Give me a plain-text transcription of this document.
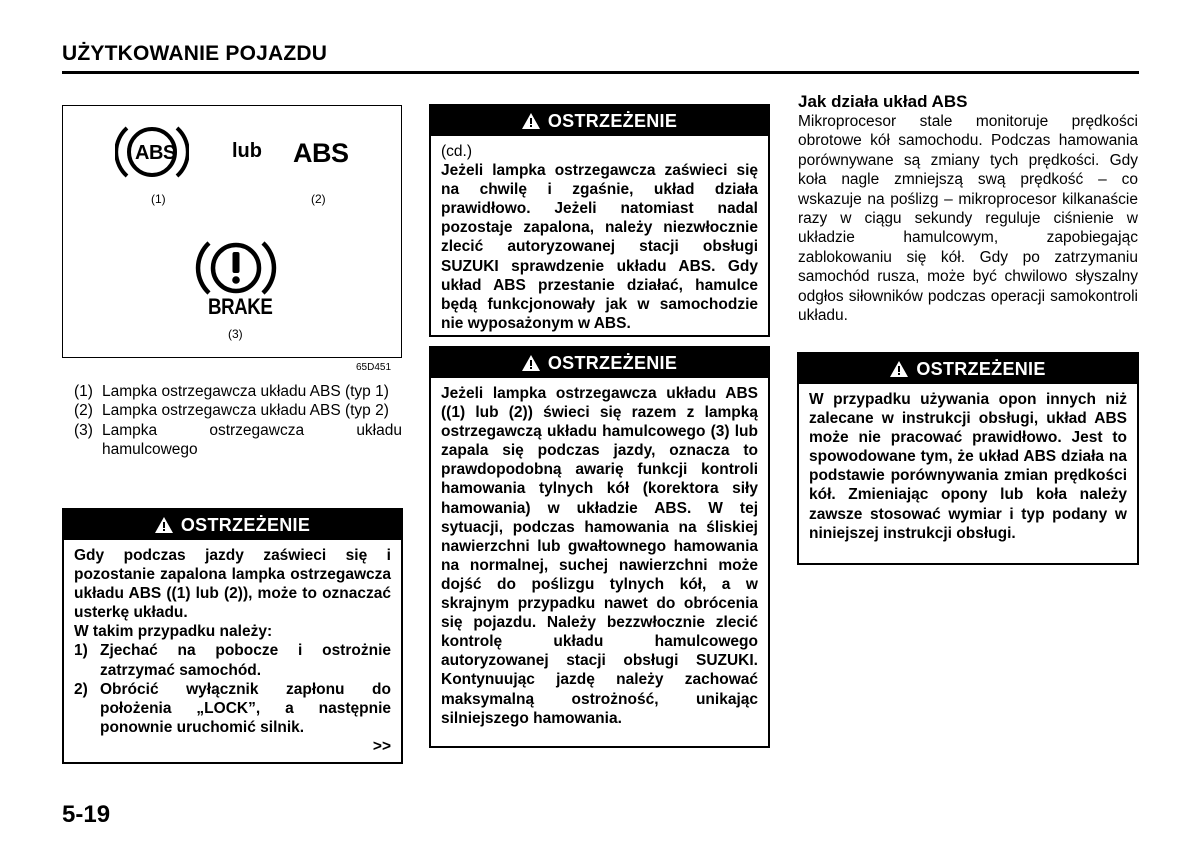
UŻYTKOWANIE POJAZDU
ABS	lub ABS
(1)	(2)
BRAKE
(3)
65D451
(1) Lampka ostrzegawcza układu ABS (typ 1)
(2) Lampka ostrzegawcza układu ABS (typ 2)
(3) Lampka ostrzegawcza układu hamulcowego
OSTRZEŻENIE
Gdy podczas jazdy zaświeci się i pozostanie zapalona lampka ostrzegawcza układu ABS ((1) lub (2)), może to oznaczać usterkę układu.
W takim przypadku należy:
1) Zjechać na pobocze i ostrożnie zatrzymać samochód.
2) Obrócić wyłącznik zapłonu do położenia „LOCK”, a następnie ponownie uruchomić silnik.
>>
OSTRZEŻENIE
(cd.)
Jeżeli lampka ostrzegawcza zaświeci się na chwilę i zgaśnie, układ działa prawidłowo. Jeżeli natomiast nadal pozostaje zapalona, należy niezwłocznie zlecić autoryzowanej stacji obsługi SUZUKI sprawdzenie układu ABS. Gdy układ ABS przestanie działać, hamulce będą funkcjonowały jak w samochodzie nie wyposażonym w ABS.
OSTRZEŻENIE
Jeżeli lampka ostrzegawcza układu ABS ((1) lub (2)) świeci się razem z lampką ostrzegawczą układu hamulcowego (3) lub zapala się podczas jazdy, oznacza to prawdopodobną awarię funkcji kontroli hamowania tylnych kół (korektora siły hamowania) w układzie ABS. W tej sytuacji, podczas hamowania na śliskiej nawierzchni lub gwałtownego hamowania na normalnej, suchej nawierzchni może dojść do poślizgu tylnych kół, a w skrajnym przypadku nawet do obrócenia się pojazdu. Należy bezzwłocznie zlecić kontrolę układu hamulcowego autoryzowanej stacji obsługi SUZUKI. Kontynuując jazdę należy zachować maksymalną ostrożność, unikając silniejszego hamowania.
Jak działa układ ABS
Mikroprocesor stale monitoruje prędkości obrotowe kół samochodu. Podczas hamowania porównywane są zmiany tych prędkości. Gdy koła nagle zmniejszą swą prędkość – co wskazuje na poślizg – mikroprocesor kilkanaście razy w ciągu sekundy reguluje ciśnienie w układzie hamulcowym, zapobiegając zablokowaniu się kół. Gdy po zatrzymaniu samochód rusza, może być chwilowo słyszalny odgłos siłowników podczas operacji samokontroli układu.
OSTRZEŻENIE
W przypadku używania opon innych niż zalecane w instrukcji obsługi, układ ABS może nie pracować prawidłowo. Jest to spowodowane tym, że układ ABS działa na podstawie porównywania zmian prędkości kół. Zmieniając opony lub koła należy zawsze stosować wymiar i typ podany w niniejszej instrukcji obsługi.
5-19
